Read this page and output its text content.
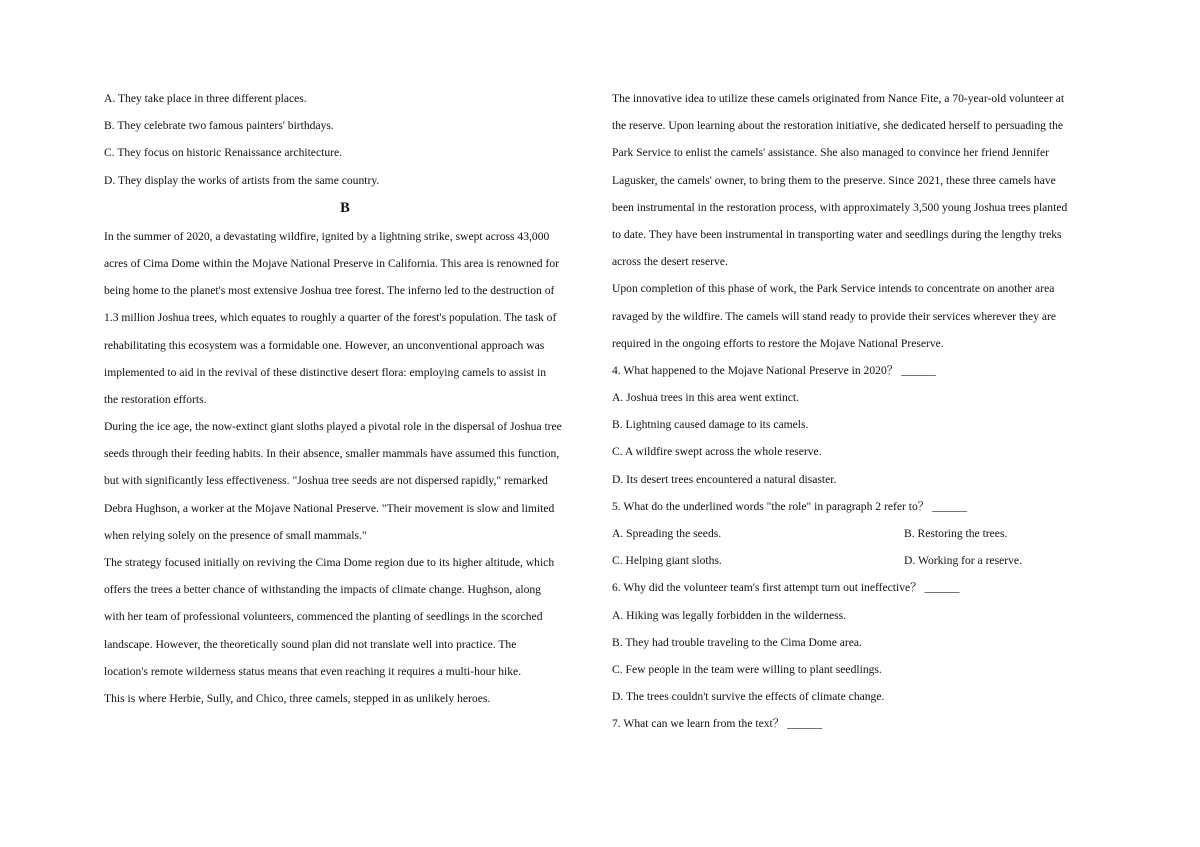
A. They take place in three different places.
B. They celebrate two famous painters' birthdays.
C. They focus on historic Renaissance architecture.
D. They display the works of artists from the same country.
B
In the summer of 2020, a devastating wildfire, ignited by a lightning strike, swept across 43,000
acres of Cima Dome within the Mojave National Preserve in California. This area is renowned for
being home to the planet's most extensive Joshua tree forest. The inferno led to the destruction of
1.3 million Joshua trees, which equates to roughly a quarter of the forest's population. The task of
rehabilitating this ecosystem was a formidable one. However, an unconventional approach was
implemented to aid in the revival of these distinctive desert flora: employing camels to assist in
the restoration efforts.
During the ice age, the now-extinct giant sloths played a pivotal role in the dispersal of Joshua tree
seeds through their feeding habits. In their absence, smaller mammals have assumed this function,
but with significantly less effectiveness. "Joshua tree seeds are not dispersed rapidly," remarked
Debra Hughson, a worker at the Mojave National Preserve. "Their movement is slow and limited
when relying solely on the presence of small mammals."
The strategy focused initially on reviving the Cima Dome region due to its higher altitude, which
offers the trees a better chance of withstanding the impacts of climate change. Hughson, along
with her team of professional volunteers, commenced the planting of seedlings in the scorched
landscape. However, the theoretically sound plan did not translate well into practice. The
location's remote wilderness status means that even reaching it requires a multi-hour hike.
This is where Herbie, Sully, and Chico, three camels, stepped in as unlikely heroes.
The innovative idea to utilize these camels originated from Nance Fite, a 70-year-old volunteer at
the reserve. Upon learning about the restoration initiative, she dedicated herself to persuading the
Park Service to enlist the camels' assistance. She also managed to convince her friend Jennifer
Lagusker, the camels' owner, to bring them to the preserve. Since 2021, these three camels have
been instrumental in the restoration process, with approximately 3,500 young Joshua trees planted
to date. They have been instrumental in transporting water and seedlings during the lengthy treks
across the desert reserve.
Upon completion of this phase of work, the Park Service intends to concentrate on another area
ravaged by the wildfire. The camels will stand ready to provide their services wherever they are
required in the ongoing efforts to restore the Mojave National Preserve.
4. What happened to the Mojave National Preserve in 2020？ ______
A. Joshua trees in this area went extinct.
B. Lightning caused damage to its camels.
C. A wildfire swept across the whole reserve.
D. Its desert trees encountered a natural disaster.
5. What do the underlined words "the role" in paragraph 2 refer to？ ______
A. Spreading the seeds.	B. Restoring the trees.
C. Helping giant sloths.	D. Working for a reserve.
6. Why did the volunteer team's first attempt turn out ineffective？ ______
A. Hiking was legally forbidden in the wilderness.
B. They had trouble traveling to the Cima Dome area.
C. Few people in the team were willing to plant seedlings.
D. The trees couldn't survive the effects of climate change.
7. What can we learn from the text？ ______
